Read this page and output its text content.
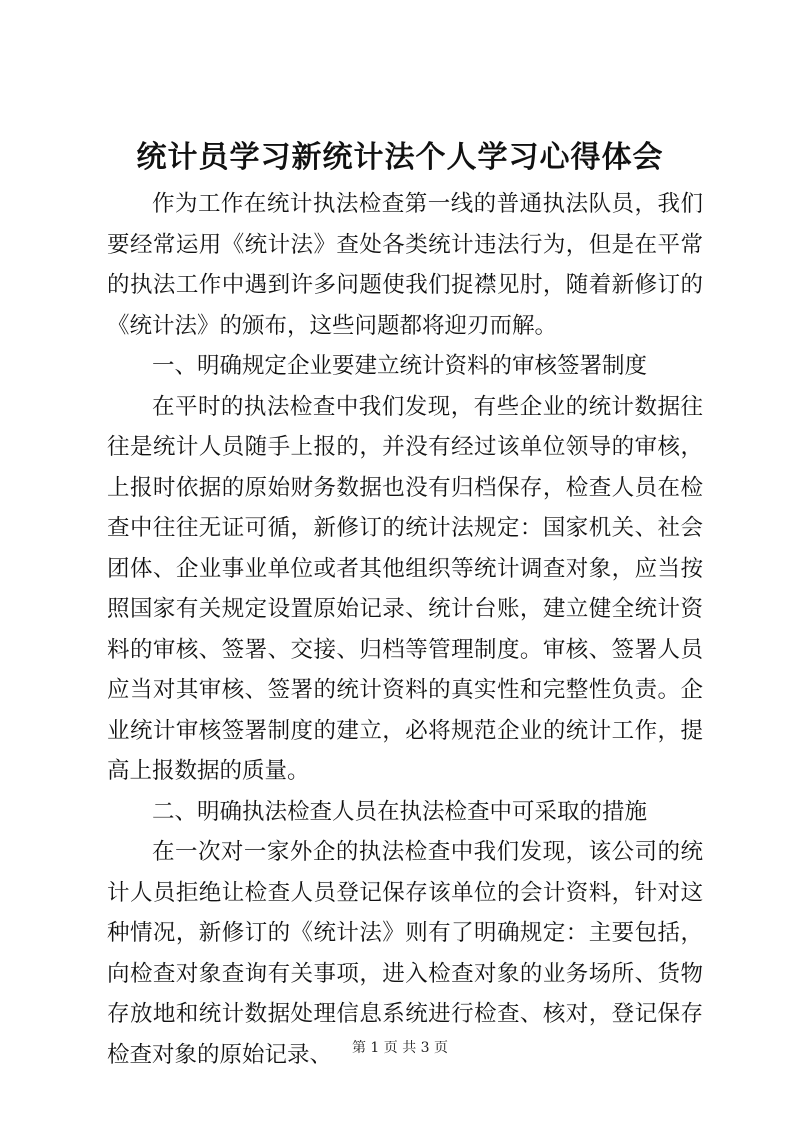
统计员学习新统计法个人学习心得体会

作为工作在统计执法检查第一线的普通执法队员，我们要经常运用《统计法》查处各类统计违法行为，但是在平常的执法工作中遇到许多问题使我们捉襟见肘，随着新修订的《统计法》的颁布，这些问题都将迎刃而解。

一、明确规定企业要建立统计资料的审核签署制度

在平时的执法检查中我们发现，有些企业的统计数据往往是统计人员随手上报的，并没有经过该单位领导的审核，上报时依据的原始财务数据也没有归档保存，检查人员在检查中往往无证可循，新修订的统计法规定：国家机关、社会团体、企业事业单位或者其他组织等统计调查对象，应当按照国家有关规定设置原始记录、统计台账，建立健全统计资料的审核、签署、交接、归档等管理制度。审核、签署人员应当对其审核、签署的统计资料的真实性和完整性负责。企业统计审核签署制度的建立，必将规范企业的统计工作，提高上报数据的质量。

二、明确执法检查人员在执法检查中可采取的措施

在一次对一家外企的执法检查中我们发现，该公司的统计人员拒绝让检查人员登记保存该单位的会计资料，针对这种情况，新修订的《统计法》则有了明确规定：主要包括，向检查对象查询有关事项，进入检查对象的业务场所、货物存放地和统计数据处理信息系统进行检查、核对，登记保存检查对象的原始记录、	第 1 页 共 3 页
